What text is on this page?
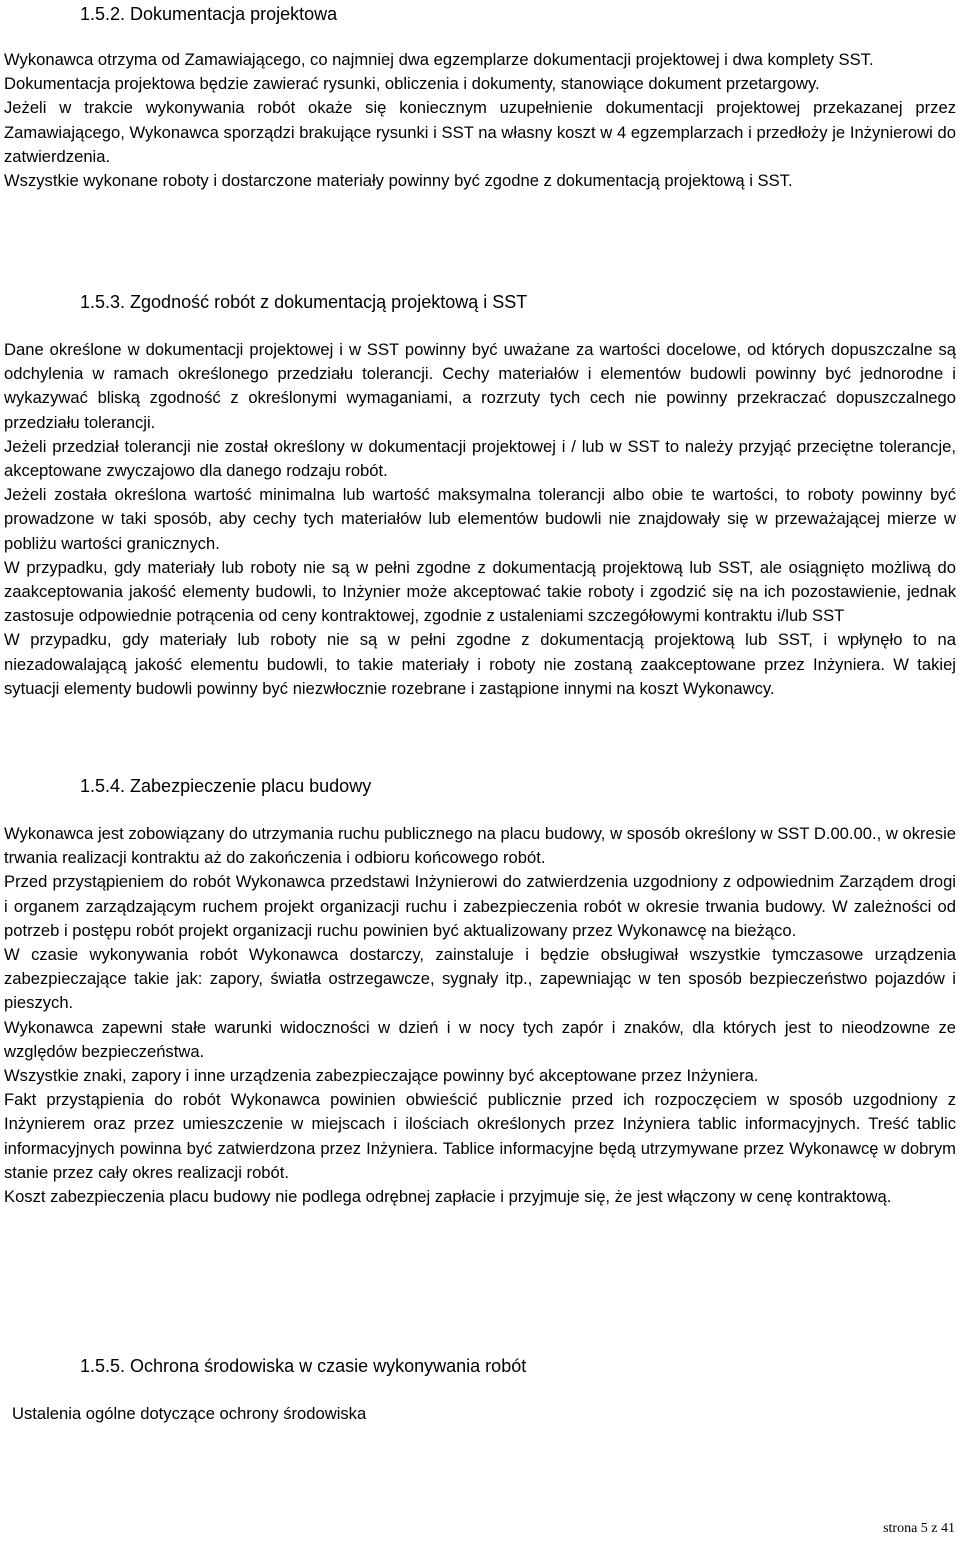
1.5.2. Dokumentacja projektowa

Wykonawca otrzyma od Zamawiającego, co najmniej dwa egzemplarze dokumentacji projektowej i dwa komplety SST.

Dokumentacja projektowa będzie zawierać rysunki, obliczenia i dokumenty, stanowiące dokument przetargowy.

Jeżeli w trakcie wykonywania robót okaże się koniecznym uzupełnienie dokumentacji projektowej przekazanej przez Zamawiającego, Wykonawca sporządzi brakujące rysunki i SST na własny koszt w 4 egzemplarzach i przedłoży je Inżynierowi do zatwierdzenia.

Wszystkie wykonane roboty i dostarczone materiały powinny być zgodne z dokumentacją projektową i SST.

1.5.3. Zgodność robót z dokumentacją projektową i SST

Dane określone w dokumentacji projektowej i w SST powinny być uważane za wartości docelowe, od których dopuszczalne są odchylenia w ramach określonego przedziału tolerancji. Cechy materiałów i elementów budowli powinny być jednorodne i wykazywać bliską zgodność z określonymi wymaganiami, a rozrzuty tych cech nie powinny przekraczać dopuszczalnego przedziału tolerancji.

Jeżeli przedział tolerancji nie został określony w dokumentacji projektowej i / lub w SST to należy przyjąć przeciętne tolerancje, akceptowane zwyczajowo dla danego rodzaju robót.

Jeżeli została określona wartość minimalna lub wartość maksymalna tolerancji albo obie te wartości, to roboty powinny być prowadzone w taki sposób, aby cechy tych materiałów lub elementów budowli nie znajdowały się w przeważającej mierze w pobliżu wartości granicznych.

W przypadku, gdy materiały lub roboty nie są w pełni zgodne z dokumentacją projektową lub SST, ale osiągnięto możliwą do zaakceptowania jakość elementy budowli, to Inżynier może akceptować takie roboty i zgodzić się na ich pozostawienie, jednak zastosuje odpowiednie potrącenia od ceny kontraktowej, zgodnie z ustaleniami szczegółowymi kontraktu i/lub SST

W przypadku, gdy materiały lub roboty nie są w pełni zgodne z dokumentacją projektową lub SST, i wpłynęło to na niezadowalającą jakość elementu budowli, to takie materiały i roboty nie zostaną zaakceptowane przez Inżyniera. W takiej sytuacji elementy budowli powinny być niezwłocznie rozebrane i zastąpione innymi na koszt Wykonawcy.

1.5.4. Zabezpieczenie placu budowy

Wykonawca jest zobowiązany do utrzymania ruchu publicznego na placu budowy, w sposób określony w SST D.00.00., w okresie trwania realizacji kontraktu aż do zakończenia i odbioru końcowego robót.

Przed przystąpieniem do robót Wykonawca przedstawi Inżynierowi do zatwierdzenia uzgodniony z odpowiednim Zarządem drogi i organem zarządzającym ruchem projekt organizacji ruchu i zabezpieczenia robót w okresie trwania budowy. W zależności od potrzeb i postępu robót projekt organizacji ruchu powinien być aktualizowany przez Wykonawcę na bieżąco.

W czasie wykonywania robót Wykonawca dostarczy, zainstaluje i będzie obsługiwał wszystkie tymczasowe urządzenia zabezpieczające takie jak: zapory, światła ostrzegawcze, sygnały itp., zapewniając w ten sposób bezpieczeństwo pojazdów i pieszych.

Wykonawca zapewni stałe warunki widoczności w dzień i w nocy tych zapór i znaków, dla których jest to nieodzowne ze względów bezpieczeństwa.

Wszystkie znaki, zapory i inne urządzenia zabezpieczające powinny być akceptowane przez Inżyniera.

Fakt przystąpienia do robót Wykonawca powinien obwieścić publicznie przed ich rozpoczęciem w sposób uzgodniony z Inżynierem oraz przez umieszczenie w miejscach i ilościach określonych przez Inżyniera tablic informacyjnych. Treść tablic informacyjnych powinna być zatwierdzona przez Inżyniera. Tablice informacyjne będą utrzymywane przez Wykonawcę w dobrym stanie przez cały okres realizacji robót.

Koszt zabezpieczenia placu budowy nie podlega odrębnej zapłacie i przyjmuje się, że jest włączony w cenę kontraktową.

1.5.5. Ochrona środowiska w czasie wykonywania robót

Ustalenia ogólne dotyczące ochrony środowiska

strona 5 z 41
